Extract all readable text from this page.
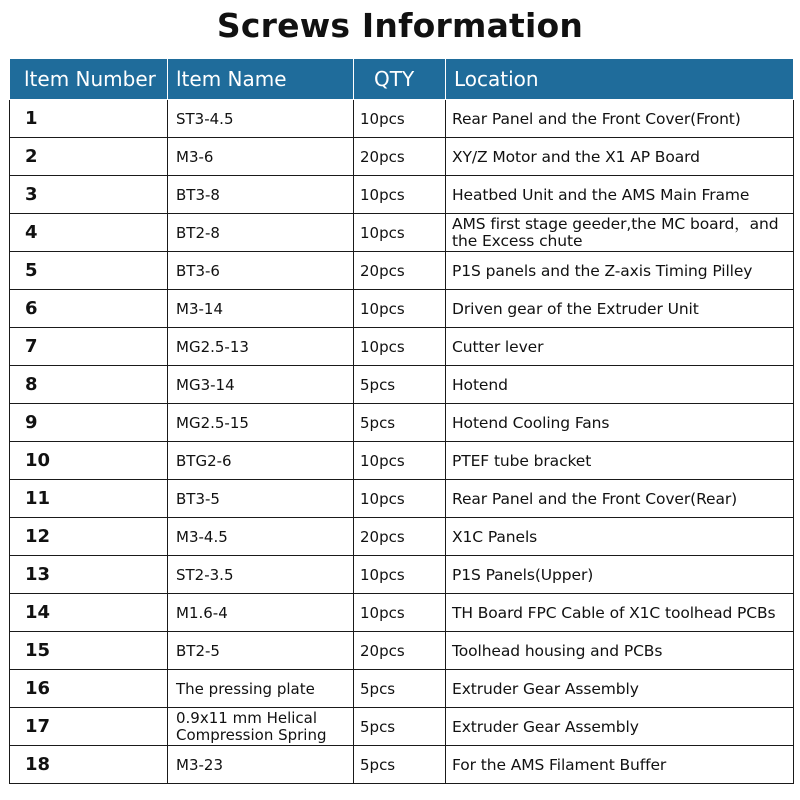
Screws Information
ltem Number	ltem Name	QTY	Location
1	ST3-4.5	10pcs	Rear Panel and the Front Cover(Front)
2	M3-6	20pcs	XY/Z Motor and the X1 AP Board
3	BT3-8	10pcs	Heatbed Unit and the AMS Main Frame
4	BT2-8	10pcs	AMS first stage geeder,the MC board，and the Excess chute
5	BT3-6	20pcs	P1S panels and the Z-axis Timing Pilley
6	M3-14	10pcs	Driven gear of the Extruder Unit
7	MG2.5-13	10pcs	Cutter lever
8	MG3-14	5pcs	Hotend
9	MG2.5-15	5pcs	Hotend Cooling Fans
10	BTG2-6	10pcs	PTEF tube bracket
11	BT3-5	10pcs	Rear Panel and the Front Cover(Rear)
12	M3-4.5	20pcs	X1C Panels
13	ST2-3.5	10pcs	P1S Panels(Upper)
14	M1.6-4	10pcs	TH Board FPC Cable of X1C toolhead PCBs
15	BT2-5	20pcs	Toolhead housing and PCBs
16	The pressing plate	5pcs	Extruder Gear Assembly
17	0.9x11 mm Helical Compression Spring	5pcs	Extruder Gear Assembly
18	M3-23	5pcs	For the AMS Filament Buffer
